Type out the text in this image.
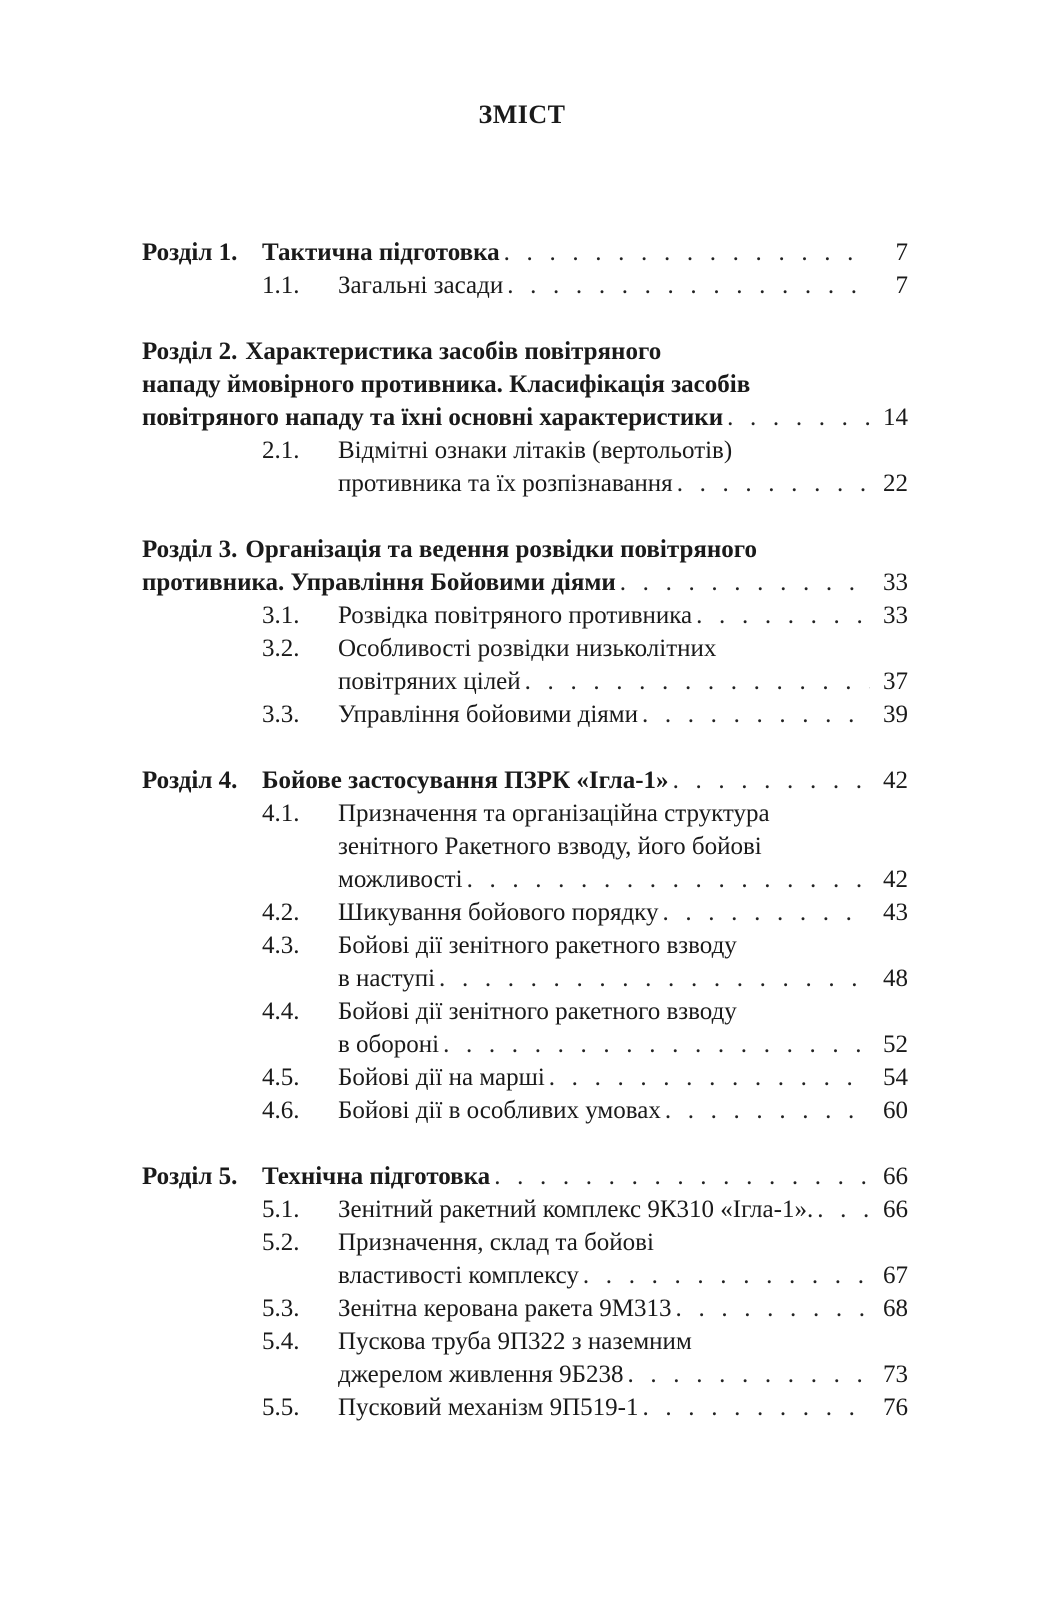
ЗМІСТ
Розділ 1. Тактична підготовка . . .	7
1.1.	Загальні засади . . .	7
Розділ 2. Характеристика засобів повітряного
нападу ймовірного противника. Класифікація засобів
повітряного нападу та їхні основні характеристики . . .	14
2.1.	Відмітні ознаки літаків (вертольотів)
противника та їх розпізнавання . . .	22
Розділ 3. Організація та ведення розвідки повітряного
противника. Управління Бойовими діями . . .	33
3.1.	Розвідка повітряного противника . . .	33
3.2.	Особливості розвідки низьколітних
повітряних цілей . . .	37
3.3.	Управління бойовими діями . . .	39
Розділ 4. Бойове застосування ПЗРК «Ігла-1» . . .	42
4.1.	Призначення та організаційна структура
зенітного Ракетного взводу, його бойові
можливості . . .	42
4.2.	Шикування бойового порядку . . .	43
4.3.	Бойові дії зенітного ракетного взводу
в наступі . . .	48
4.4.	Бойові дії зенітного ракетного взводу
в обороні . . .	52
4.5.	Бойові дії на марші . . .	54
4.6.	Бойові дії в особливих умовах . . .	60
Розділ 5. Технічна підготовка . . .	66
5.1.	Зенітний ракетний комплекс 9К310 «Ігла-1». . . .	66
5.2.	Призначення, склад та бойові
властивості комплексу . . .	67
5.3.	Зенітна керована ракета 9М313 . . .	68
5.4.	Пускова труба 9П322 з наземним
джерелом живлення 9Б238 . . .	73
5.5.	Пусковий механізм 9П519-1 . . .	76
